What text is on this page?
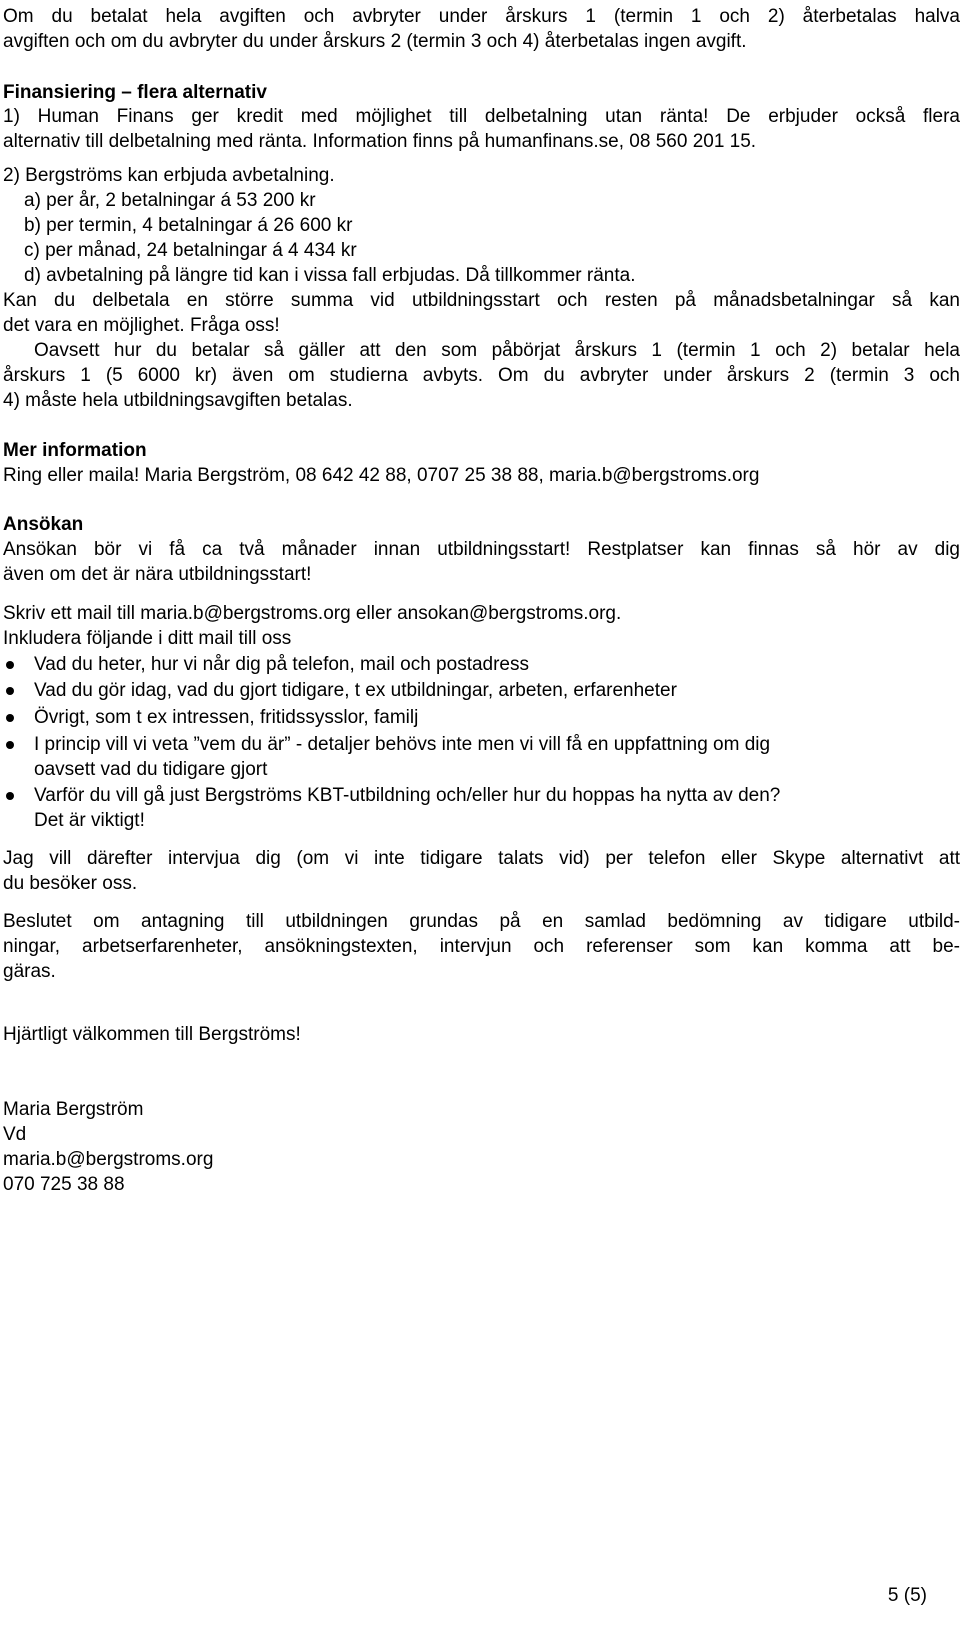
Om du betalat hela avgiften och avbryter under årskurs 1 (termin 1 och 2) återbetalas halva
avgiften och om du avbryter du under årskurs 2 (termin 3 och 4) återbetalas ingen avgift.
Finansiering – flera alternativ
1) Human Finans ger kredit med möjlighet till delbetalning utan ränta! De erbjuder också flera
alternativ till delbetalning med ränta. Information finns på humanfinans.se, 08 560 201 15.
2) Bergströms kan erbjuda avbetalning.
a) per år, 2 betalningar á 53 200 kr
b) per termin, 4 betalningar á 26 600 kr
c) per månad, 24 betalningar á 4 434 kr
d) avbetalning på längre tid kan i vissa fall erbjudas. Då tillkommer ränta.
Kan du delbetala en större summa vid utbildningsstart och resten på månadsbetalningar så kan
det vara en möjlighet. Fråga oss!
Oavsett hur du betalar så gäller att den som påbörjat årskurs 1 (termin 1 och 2) betalar hela
årskurs 1 (5 6000 kr) även om studierna avbyts. Om du avbryter under årskurs 2 (termin 3 och
4) måste hela utbildningsavgiften betalas.
Mer information
Ring eller maila! Maria Bergström, 08 642 42 88, 0707 25 38 88, maria.b@bergstroms.org
Ansökan
Ansökan bör vi få ca två månader innan utbildningsstart! Restplatser kan finnas så hör av dig
även om det är nära utbildningsstart!
Skriv ett mail till maria.b@bergstroms.org eller ansokan@bergstroms.org.
Inkludera följande i ditt mail till oss
Vad du heter, hur vi når dig på telefon, mail och postadress
Vad du gör idag, vad du gjort tidigare, t ex utbildningar, arbeten, erfarenheter
Övrigt, som t ex intressen, fritidssysslor, familj
I princip vill vi veta ”vem du är” - detaljer behövs inte men vi vill få en uppfattning om dig
oavsett vad du tidigare gjort
Varför du vill gå just Bergströms KBT-utbildning och/eller hur du hoppas ha nytta av den?
Det är viktigt!
Jag vill därefter intervjua dig (om vi inte tidigare talats vid) per telefon eller Skype alternativt att
du besöker oss.
Beslutet om antagning till utbildningen grundas på en samlad bedömning av tidigare utbild-
ningar, arbetserfarenheter, ansökningstexten, intervjun och referenser som kan komma att be-
gäras.
Hjärtligt välkommen till Bergströms!
Maria Bergström
Vd
maria.b@bergstroms.org
070 725 38 88
5 (5)
